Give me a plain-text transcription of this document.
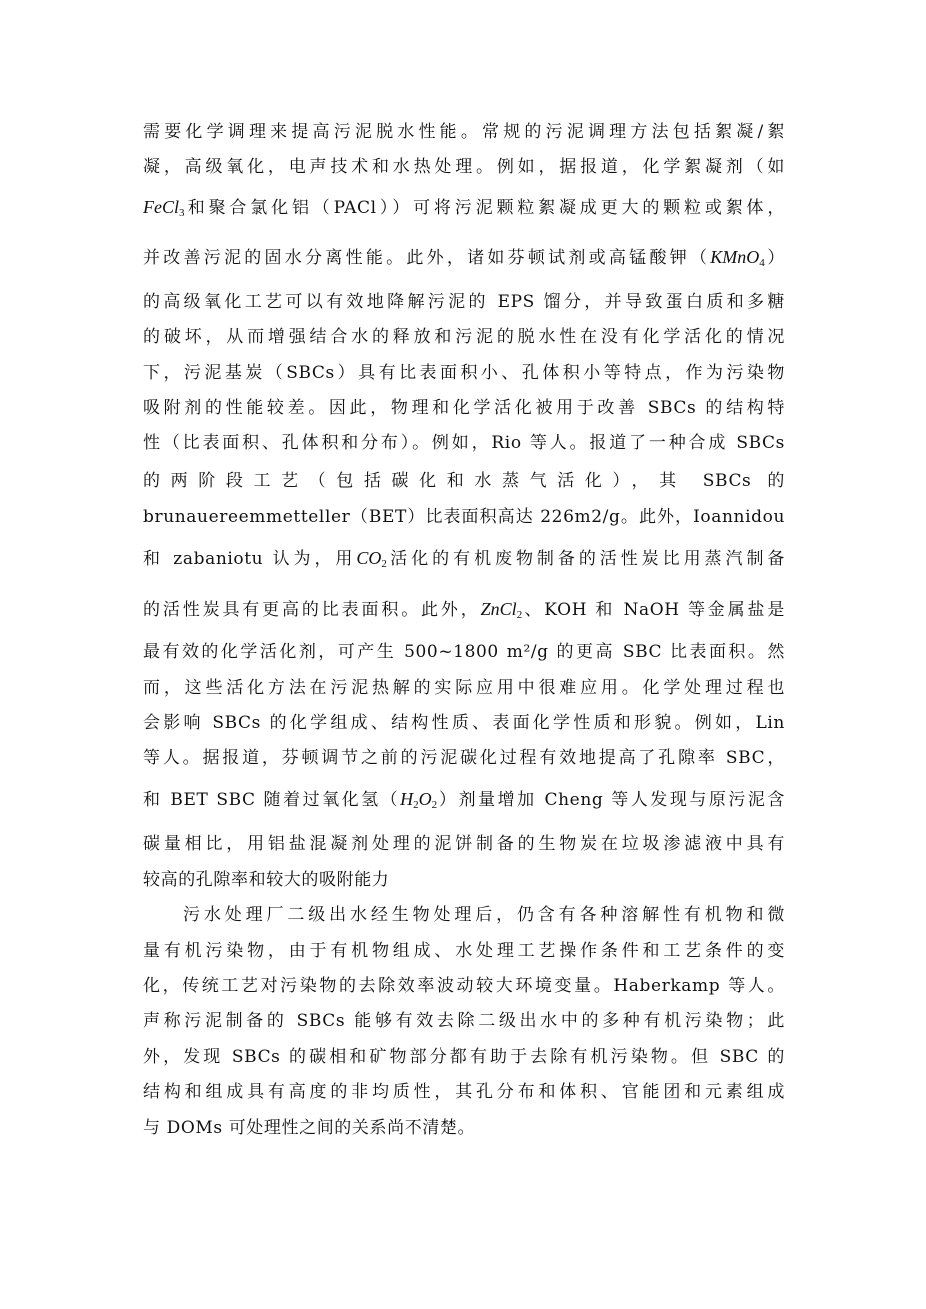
需要化学调理来提高污泥脱水性能。常规的污泥调理方法包括絮凝/絮
凝，高级氧化，电声技术和水热处理。例如，据报道，化学絮凝剂（如
FeCl$_3$和聚合氯化铝（PACl））可将污泥颗粒絮凝成更大的颗粒或絮体，
并改善污泥的固水分离性能。此外，诸如芬顿试剂或高锰酸钾（KMnO$_4$）
的高级氧化工艺可以有效地降解污泥的 EPS 馏分，并导致蛋白质和多糖
的破坏，从而增强结合水的释放和污泥的脱水性在没有化学活化的情况
下，污泥基炭（SBCs）具有比表面积小、孔体积小等特点，作为污染物
吸附剂的性能较差。因此，物理和化学活化被用于改善 SBCs 的结构特
性（比表面积、孔体积和分布）。例如，Rio 等人。报道了一种合成 SBCs
的两阶段工艺（包括碳化和水蒸气活化），其 SBCs 的
brunauereemmetteller（BET）比表面积高达 226m2/g。此外，Ioannidou
和 zabaniotu 认为，用$CO_2$活化的有机废物制备的活性炭比用蒸汽制备
的活性炭具有更高的比表面积。此外，ZnCl$_2$、KOH 和 NaOH 等金属盐是
最有效的化学活化剂，可产生 500~1800 m²/g 的更高 SBC 比表面积。然
而，这些活化方法在污泥热解的实际应用中很难应用。化学处理过程也
会影响 SBCs 的化学组成、结构性质、表面化学性质和形貌。例如，Lin
等人。据报道，芬顿调节之前的污泥碳化过程有效地提高了孔隙率 SBC，
和 BET SBC 随着过氧化氢$(H_2O_2)$剂量增加 Cheng 等人发现与原污泥含
碳量相比，用铝盐混凝剂处理的泥饼制备的生物炭在垃圾渗滤液中具有
较高的孔隙率和较大的吸附能力
污水处理厂二级出水经生物处理后，仍含有各种溶解性有机物和微
量有机污染物，由于有机物组成、水处理工艺操作条件和工艺条件的变
化，传统工艺对污染物的去除效率波动较大环境变量。Haberkamp 等人。
声称污泥制备的 SBCs 能够有效去除二级出水中的多种有机污染物；此
外，发现 SBCs 的碳相和矿物部分都有助于去除有机污染物。但 SBC 的
结构和组成具有高度的非均质性，其孔分布和体积、官能团和元素组成
与 DOMs 可处理性之间的关系尚不清楚。
